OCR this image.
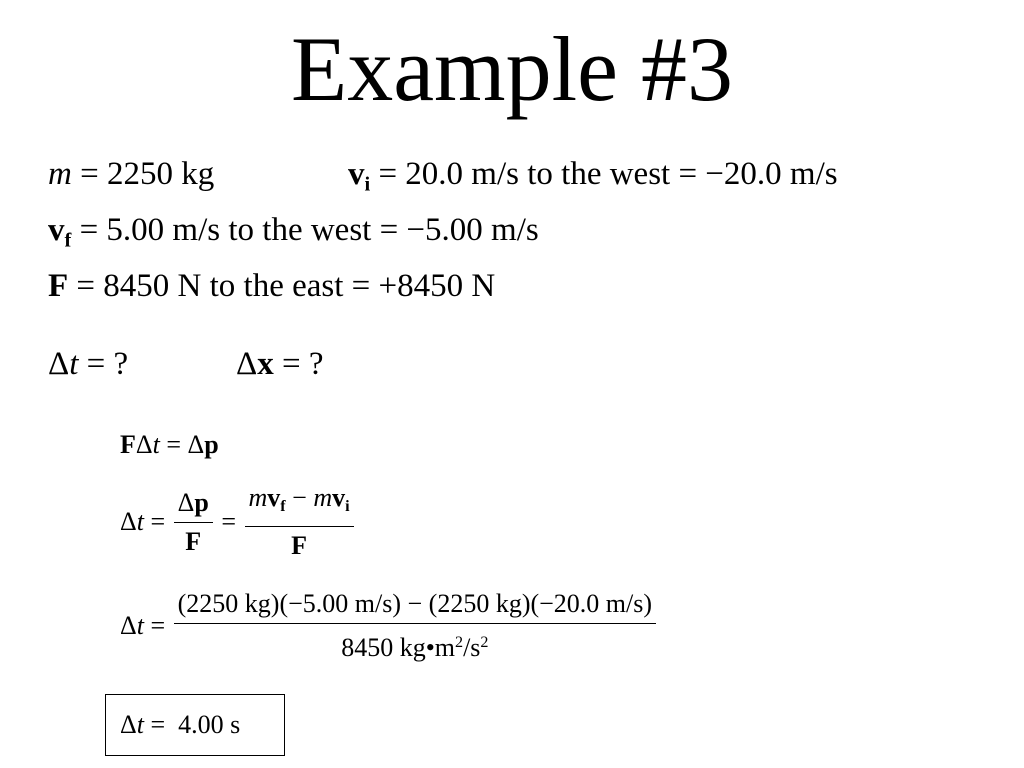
Example #3
m = 2250 kg	$v_i = 20.0$ m/s to the west = −20.0 m/s
$v_f = 5.00$ m/s to the west = −5.00 m/s
F = 8450 N to the east = +8450 N
Δt = ?	Δx = ?
FΔt = Δp
Δ $t = \frac{\Delta p}{F} = \frac{mv_f - mv_i}{F}$
Δ $t = \frac{(2250 kg)(-5.00 m/s) - (2250 kg)(-20.0 m/s)}{8450 kg•m^2/s^2}$
Δt =  4.00 s
